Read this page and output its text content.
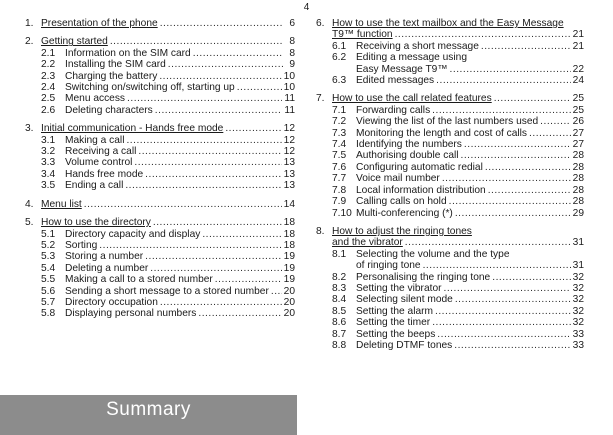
4
1. Presentation of the phone .....	6
2. Getting started .....	8
2.1 Information on the SIM card .....	8
2.2 Installing the SIM card .....	9
2.3 Charging the battery .....	10
2.4 Switching on/switching off, starting up .....	10
2.5 Menu access .....	11
2.6 Deleting characters .....	11
3. Initial communication - Hands free mode .....	12
3.1 Making a call .....	12
3.2 Receiving a call .....	12
3.3 Volume control .....	13
3.4 Hands free mode .....	13
3.5 Ending a call .....	13
4. Menu list .....	14
5. How to use the directory .....	18
5.1 Directory capacity and display .....	18
5.2 Sorting .....	18
5.3 Storing a number .....	19
5.4 Deleting a number .....	19
5.5 Making a call to a stored number .....	19
5.6 Sending a short message to a stored number ..... 20
5.7 Directory occupation .....	20
5.8 Displaying personal numbers .....	20
6. How to use the text mailbox and the Easy Message
T9™ function .....	21
6.1 Receiving a short message .....	21
6.2 Editing a message using
Easy Message T9™ .....	22
6.3 Edited messages .....	24
7. How to use the call related features .....	25
7.1 Forwarding calls .....	25
7.2 Viewing the list of the last numbers used .....	26
7.3 Monitoring the length and cost of calls .....	27
7.4 Identifying the numbers .....	27
7.5 Authorising double call .....	28
7.6 Configuring automatic redial .....	28
7.7 Voice mail number .....	28
7.8 Local information distribution .....	28
7.9 Calling calls on hold .....	28
7.10 Multi-conferencing (*) .....	29
8. How to adjust the ringing tones
and the vibrator .....	31
8.1 Selecting the volume and the type
of ringing tone .....	31
8.2 Personalising the ringing tone .....	32
8.3 Setting the vibrator .....	32
8.4 Selecting silent mode .....	32
8.5 Setting the alarm .....	32
8.6 Setting the timer .....	32
8.7 Setting the beeps .....	33
8.8 Deleting DTMF tones .....	33
Summary
